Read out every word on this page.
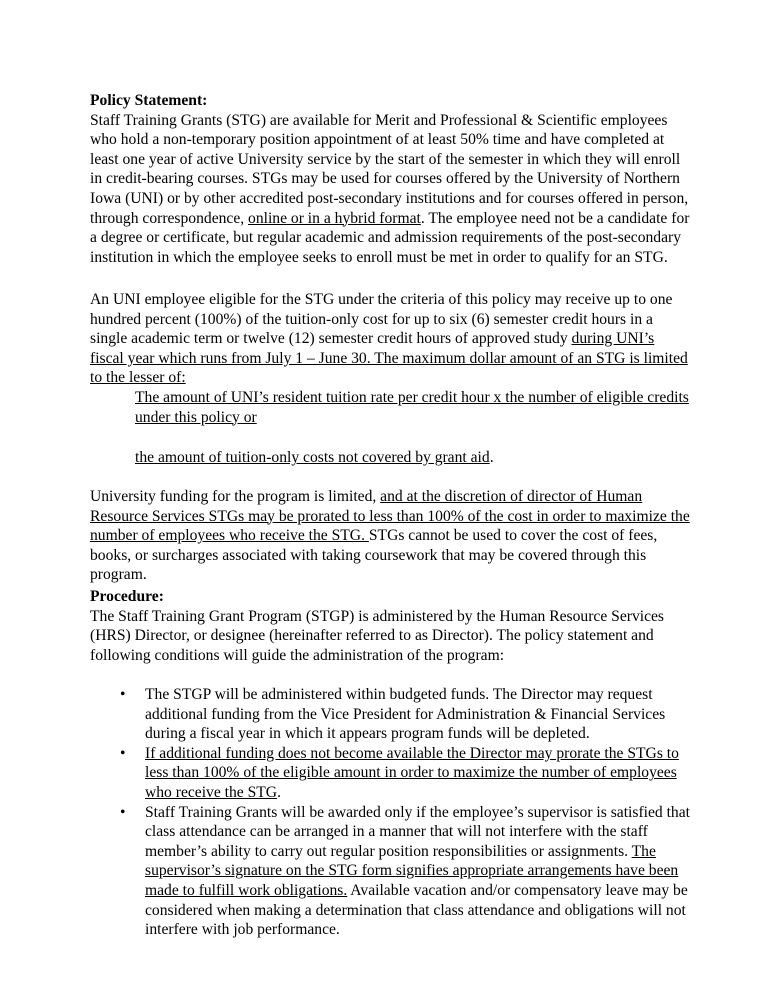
Policy Statement:

Staff Training Grants (STG) are available for Merit and Professional & Scientific employees who hold a non-temporary position appointment of at least 50% time and have completed at least one year of active University service by the start of the semester in which they will enroll in credit-bearing courses. STGs may be used for courses offered by the University of Northern Iowa (UNI) or by other accredited post-secondary institutions and for courses offered in person, through correspondence, online or in a hybrid format. The employee need not be a candidate for a degree or certificate, but regular academic and admission requirements of the post-secondary institution in which the employee seeks to enroll must be met in order to qualify for an STG.

An UNI employee eligible for the STG under the criteria of this policy may receive up to one hundred percent (100%) of the tuition-only cost for up to six (6) semester credit hours in a single academic term or twelve (12) semester credit hours of approved study during UNI’s fiscal year which runs from July 1 – June 30. The maximum dollar amount of an STG is limited to the lesser of:

The amount of UNI’s resident tuition rate per credit hour x the number of eligible credits under this policy or

the amount of tuition-only costs not covered by grant aid.

University funding for the program is limited, and at the discretion of director of Human Resource Services STGs may be prorated to less than 100% of the cost in order to maximize the number of employees who receive the STG. STGs cannot be used to cover the cost of fees, books, or surcharges associated with taking coursework that may be covered through this program.

Procedure:

The Staff Training Grant Program (STGP) is administered by the Human Resource Services (HRS) Director, or designee (hereinafter referred to as Director). The policy statement and following conditions will guide the administration of the program:

• The STGP will be administered within budgeted funds. The Director may request additional funding from the Vice President for Administration & Financial Services during a fiscal year in which it appears program funds will be depleted.
• If additional funding does not become available the Director may prorate the STGs to less than 100% of the eligible amount in order to maximize the number of employees who receive the STG.
• Staff Training Grants will be awarded only if the employee’s supervisor is satisfied that class attendance can be arranged in a manner that will not interfere with the staff member’s ability to carry out regular position responsibilities or assignments. The supervisor’s signature on the STG form signifies appropriate arrangements have been made to fulfill work obligations. Available vacation and/or compensatory leave may be considered when making a determination that class attendance and obligations will not interfere with job performance.
